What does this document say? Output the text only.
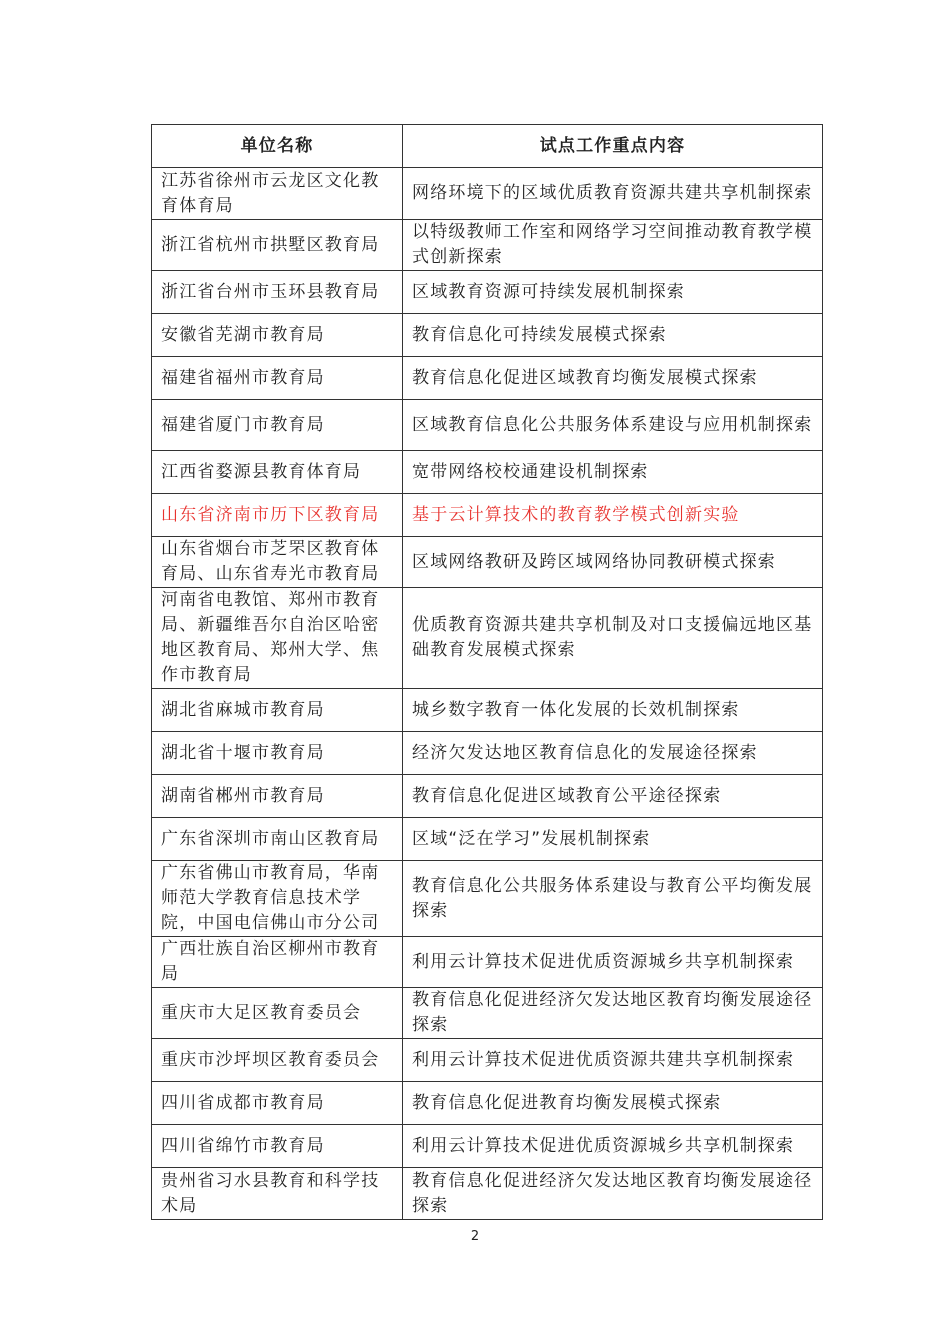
单位名称	试点工作重点内容
江苏省徐州市云龙区文化教育体育局	网络环境下的区域优质教育资源共建共享机制探索
浙江省杭州市拱墅区教育局	以特级教师工作室和网络学习空间推动教育教学模式创新探索
浙江省台州市玉环县教育局	区域教育资源可持续发展机制探索
安徽省芜湖市教育局	教育信息化可持续发展模式探索
福建省福州市教育局	教育信息化促进区域教育均衡发展模式探索
福建省厦门市教育局	区域教育信息化公共服务体系建设与应用机制探索
江西省婺源县教育体育局	宽带网络校校通建设机制探索
山东省济南市历下区教育局	基于云计算技术的教育教学模式创新实验
山东省烟台市芝罘区教育体育局、山东省寿光市教育局	区域网络教研及跨区域网络协同教研模式探索
河南省电教馆、郑州市教育局、新疆维吾尔自治区哈密地区教育局、郑州大学、焦作市教育局	优质教育资源共建共享机制及对口支援偏远地区基础教育发展模式探索
湖北省麻城市教育局	城乡数字教育一体化发展的长效机制探索
湖北省十堰市教育局	经济欠发达地区教育信息化的发展途径探索
湖南省郴州市教育局	教育信息化促进区域教育公平途径探索
广东省深圳市南山区教育局	区域“泛在学习”发展机制探索
广东省佛山市教育局，华南师范大学教育信息技术学院，中国电信佛山市分公司	教育信息化公共服务体系建设与教育公平均衡发展探索
广西壮族自治区柳州市教育局	利用云计算技术促进优质资源城乡共享机制探索
重庆市大足区教育委员会	教育信息化促进经济欠发达地区教育均衡发展途径探索
重庆市沙坪坝区教育委员会	利用云计算技术促进优质资源共建共享机制探索
四川省成都市教育局	教育信息化促进教育均衡发展模式探索
四川省绵竹市教育局	利用云计算技术促进优质资源城乡共享机制探索
贵州省习水县教育和科学技术局	教育信息化促进经济欠发达地区教育均衡发展途径探索
2
